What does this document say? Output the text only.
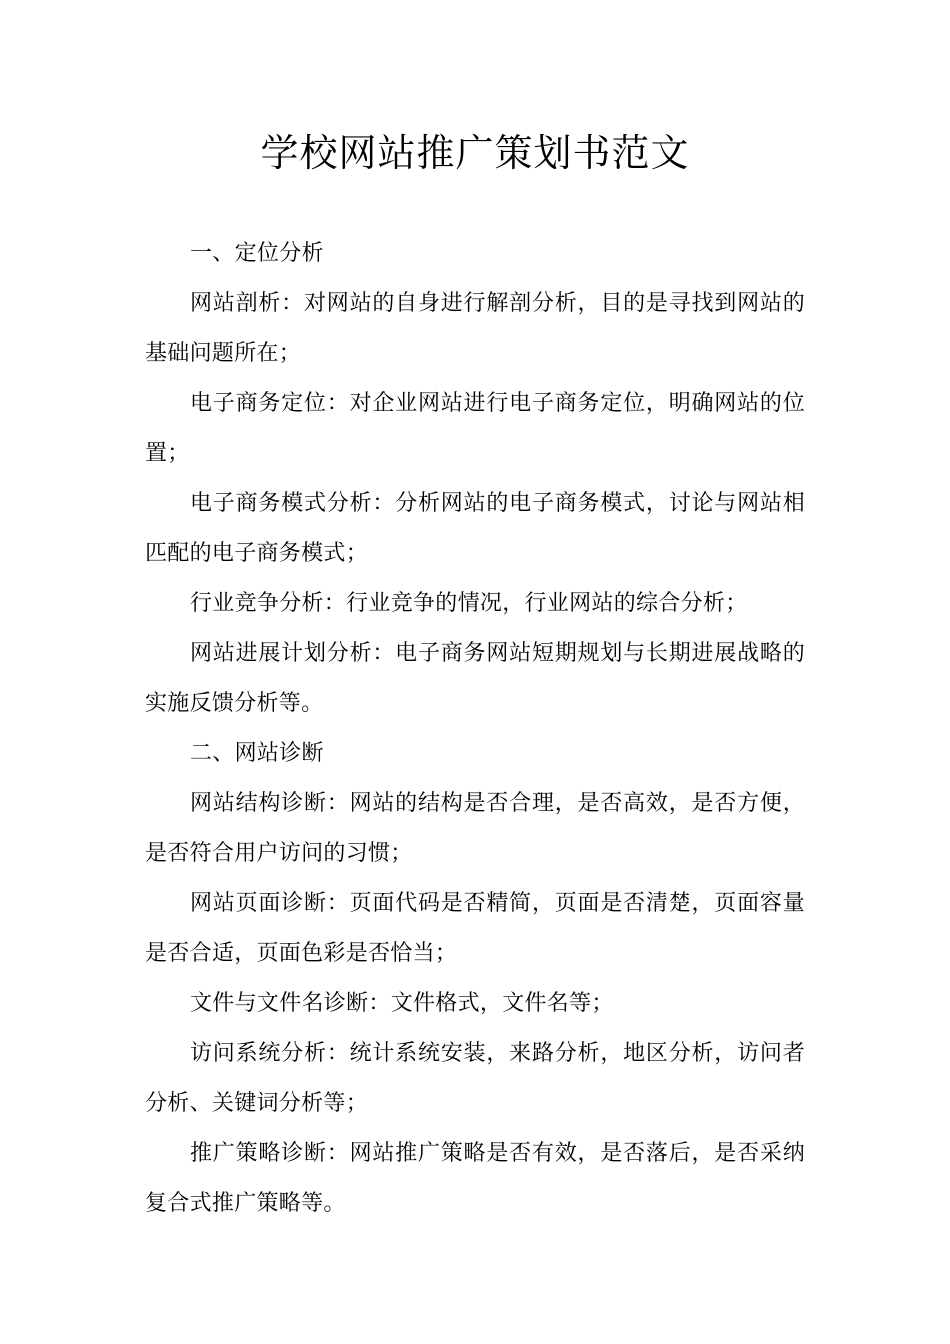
学校网站推广策划书范文

一、定位分析

网站剖析：对网站的自身进行解剖分析，目的是寻找到网站的基础问题所在；

电子商务定位：对企业网站进行电子商务定位，明确网站的位置；

电子商务模式分析：分析网站的电子商务模式，讨论与网站相匹配的电子商务模式；

行业竞争分析：行业竞争的情况，行业网站的综合分析；

网站进展计划分析：电子商务网站短期规划与长期进展战略的实施反馈分析等。

二、网站诊断

网站结构诊断：网站的结构是否合理，是否高效，是否方便，是否符合用户访问的习惯；

网站页面诊断：页面代码是否精简，页面是否清楚，页面容量是否合适，页面色彩是否恰当；

文件与文件名诊断：文件格式，文件名等；

访问系统分析：统计系统安装，来路分析，地区分析，访问者分析、关键词分析等；

推广策略诊断：网站推广策略是否有效，是否落后，是否采纳复合式推广策略等。
